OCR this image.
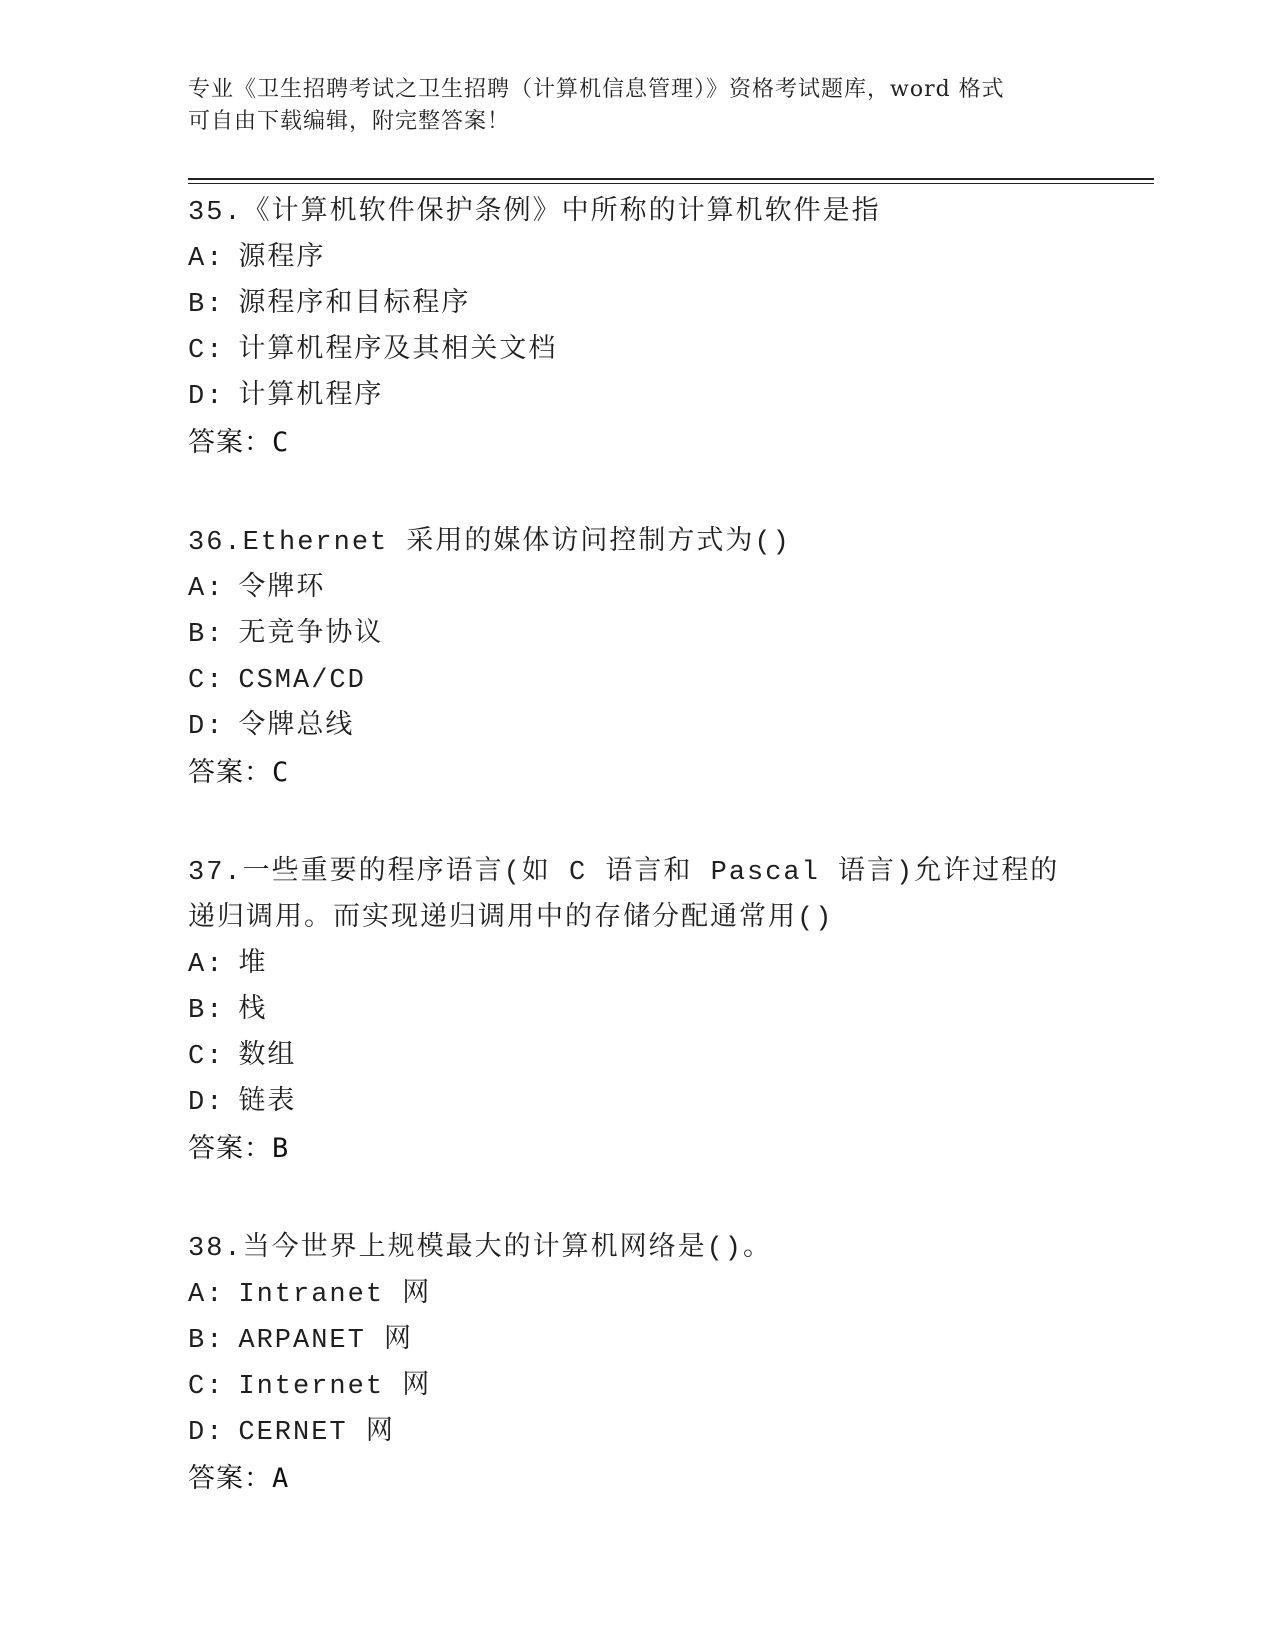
专业《卫生招聘考试之卫生招聘（计算机信息管理）》资格考试题库，word 格式
可自由下载编辑，附完整答案！
35.《计算机软件保护条例》中所称的计算机软件是指
A: 源程序
B: 源程序和目标程序
C: 计算机程序及其相关文档
D: 计算机程序
答案：C
36.Ethernet 采用的媒体访问控制方式为()
A: 令牌环
B: 无竞争协议
C: CSMA/CD
D: 令牌总线
答案：C
37.一些重要的程序语言(如 C 语言和 Pascal 语言)允许过程的递归调用。而实现递归调用中的存储分配通常用()
A: 堆
B: 栈
C: 数组
D: 链表
答案：B
38.当今世界上规模最大的计算机网络是()。
A: Intranet 网
B: ARPANET 网
C: Internet 网
D: CERNET 网
答案：A
